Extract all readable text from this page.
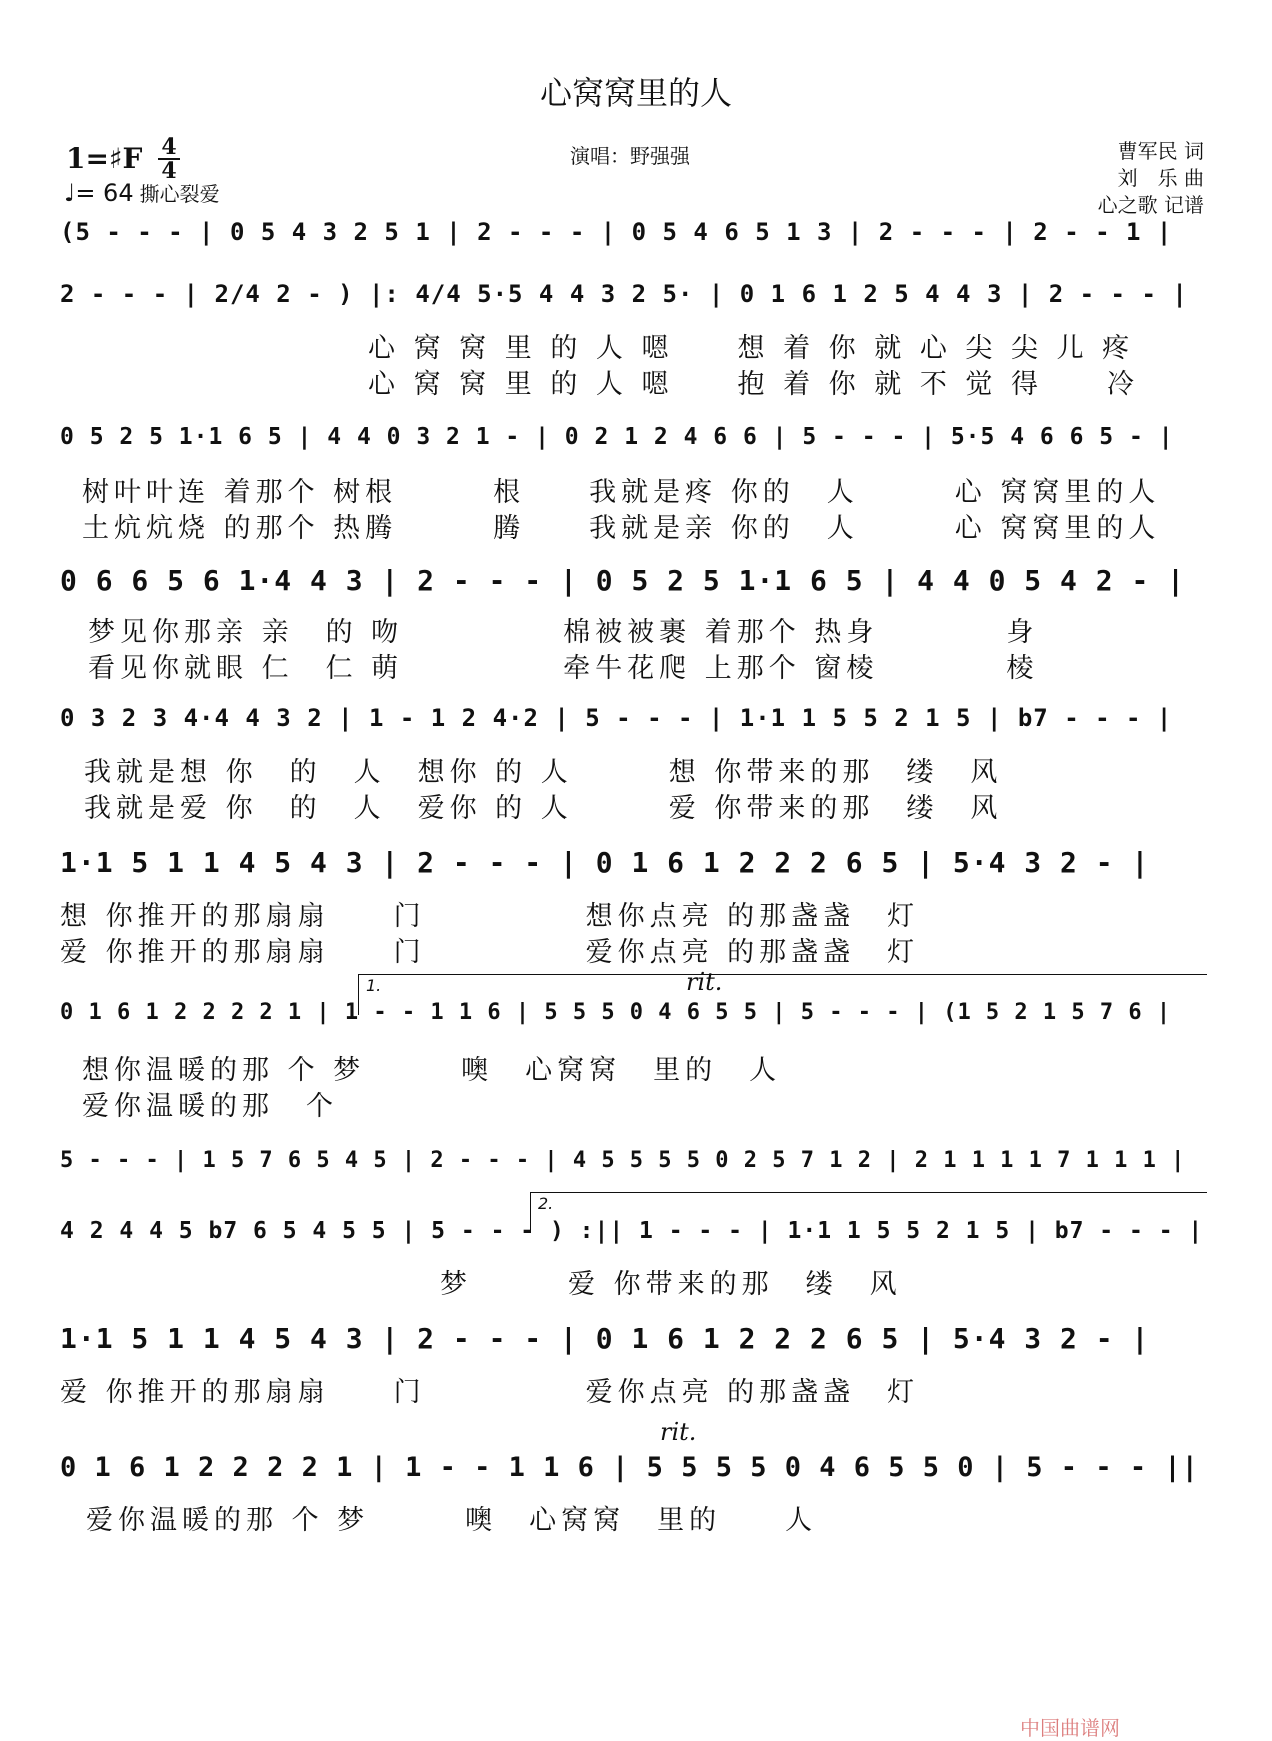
心窝窝里的人
1=♯F 4
4
♩= 64 撕心裂爱
演唱：野强强	曹军民 词
刘　乐 曲
心之歌 记谱
(5 - - - | 0 5 4 3 2 5 1 | 2 - - - | 0 5 4 6 5 1 3 | 2 - - - | 2 - - 1 |
2 - - - | 2/4 2 - ) |: 4/4 5·5 4 4 3 2 5· | 0 1 6 1 2 5 4 4 3 | 2 - - - |
心 窝 窝 里 的 人 嗯　　想 着 你 就 心 尖 尖 儿 疼
心 窝 窝 里 的 人 嗯　　抱 着 你 就 不 觉 得　　冷
0 5 2 5 1·1 6 5 | 4 4 0 3 2 1 - | 0 2 1 2 4 6 6 | 5 - - - | 5·5 4 6 6 5 - |
树叶叶连 着那个 树根　　　根　　我就是疼 你的　人　　　心 窝窝里的人
土炕炕烧 的那个 热腾　　　腾　　我就是亲 你的　人　　　心 窝窝里的人
0 6 6 5 6 1·4 4 3 | 2 - - - | 0 5 2 5 1·1 6 5 | 4 4 0 5 4 2 - |
梦见你那亲 亲　的 吻　　　　　棉被被裹 着那个 热身　　　　身
看见你就眼 仁　仁 萌　　　　　牵牛花爬 上那个 窗棱　　　　棱
0 3 2 3 4·4 4 3 2 | 1 - 1 2 4·2 | 5 - - - | 1·1 1 5 5 2 1 5 | b7 - - - |
我就是想 你　的　人　想你 的 人　　　想 你带来的那　缕　风
我就是爱 你　的　人　爱你 的 人　　　爱 你带来的那　缕　风
1·1 5 1 1 4 5 4 3 | 2 - - - | 0 1 6 1 2 2 2 6 5 | 5·4 3 2 - |
想 你推开的那扇扇　　门　　　　　想你点亮 的那盏盏　灯
爱 你推开的那扇扇　　门　　　　　爱你点亮 的那盏盏　灯
1.	rit.
0 1 6 1 2 2 2 2 1 | 1 - - 1 1 6 | 5 5 5 0 4 6 5 5 | 5 - - - | (1 5 2 1 5 7 6 |
想你温暖的那 个 梦　　　噢　心窝窝　里的　人
爱你温暖的那　个
5 - - - | 1 5 7 6 5 4 5 | 2 - - - | 4 5 5 5 5 0 2 5 7 1 2 | 2 1 1 1 1 7 1 1 1 |
2.
4 2 4 4 5 b7 6 5 4 5 5 | 5 - - - ) :|| 1 - - - | 1·1 1 5 5 2 1 5 | b7 - - - |
　　　　　　　　　　　梦　　　爱 你带来的那　缕　风
1·1 5 1 1 4 5 4 3 | 2 - - - | 0 1 6 1 2 2 2 6 5 | 5·4 3 2 - |
爱 你推开的那扇扇　　门　　　　　爱你点亮 的那盏盏　灯
rit.
0 1 6 1 2 2 2 2 1 | 1 - - 1 1 6 | 5 5 5 5 0 4 6 5 5 0 | 5 - - - ||
爱你温暖的那 个 梦　　　噢　心窝窝　里的　　人
中国曲谱网
